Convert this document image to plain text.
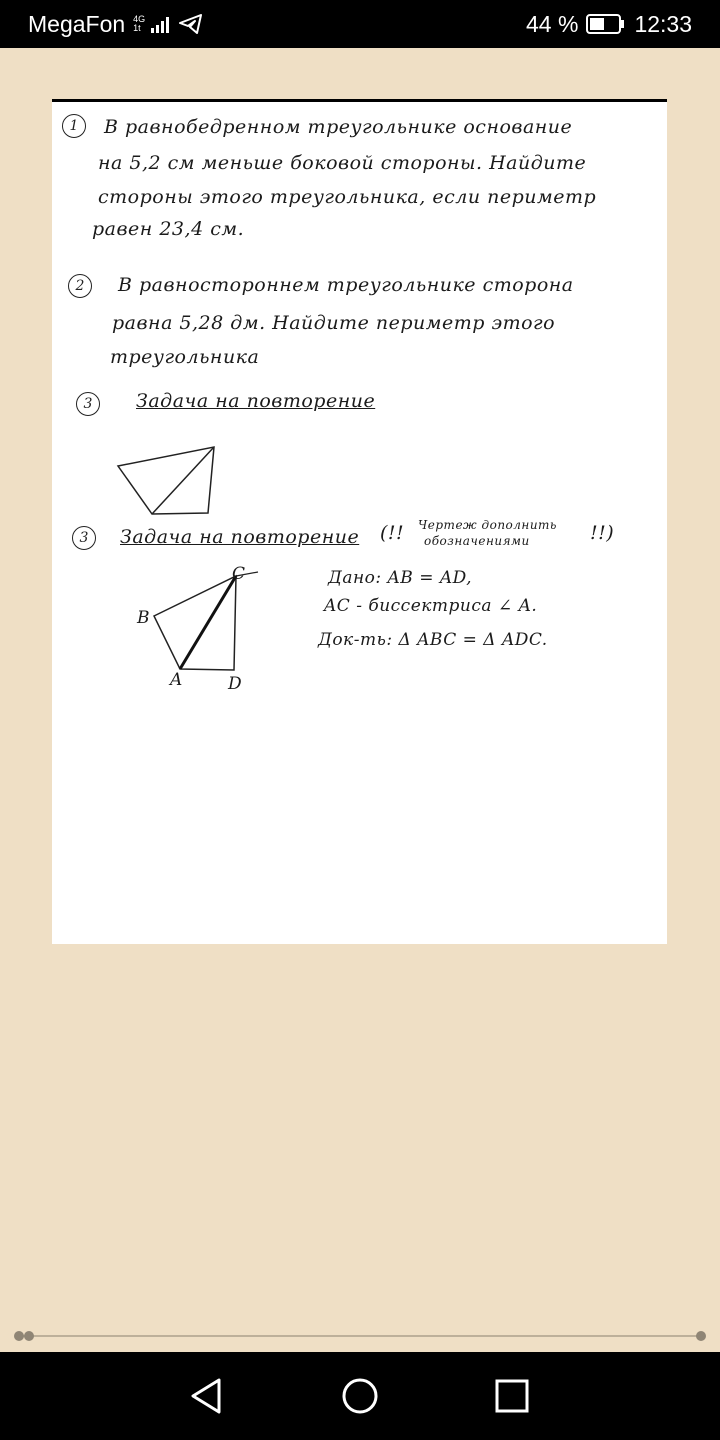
MegaFon 4G
1t	44 % 12:33
1	В равнобедренном треугольнике основание
на 5,2 см меньше боковой стороны. Найдите
стороны этого треугольника, если периметр
равен 23,4 см.
2	В равностороннем треугольнике сторона
равна 5,28 дм. Найдите периметр этого
треугольника
3	Задача на повторение
3	Задача на повторение (!! Чертеж дополнить
обозначениями	!!)
B
C
A	D
Дано: AB = AD,
AC - биссектриса ∠ A.
Док-ть: Δ ABC = Δ ADC.
